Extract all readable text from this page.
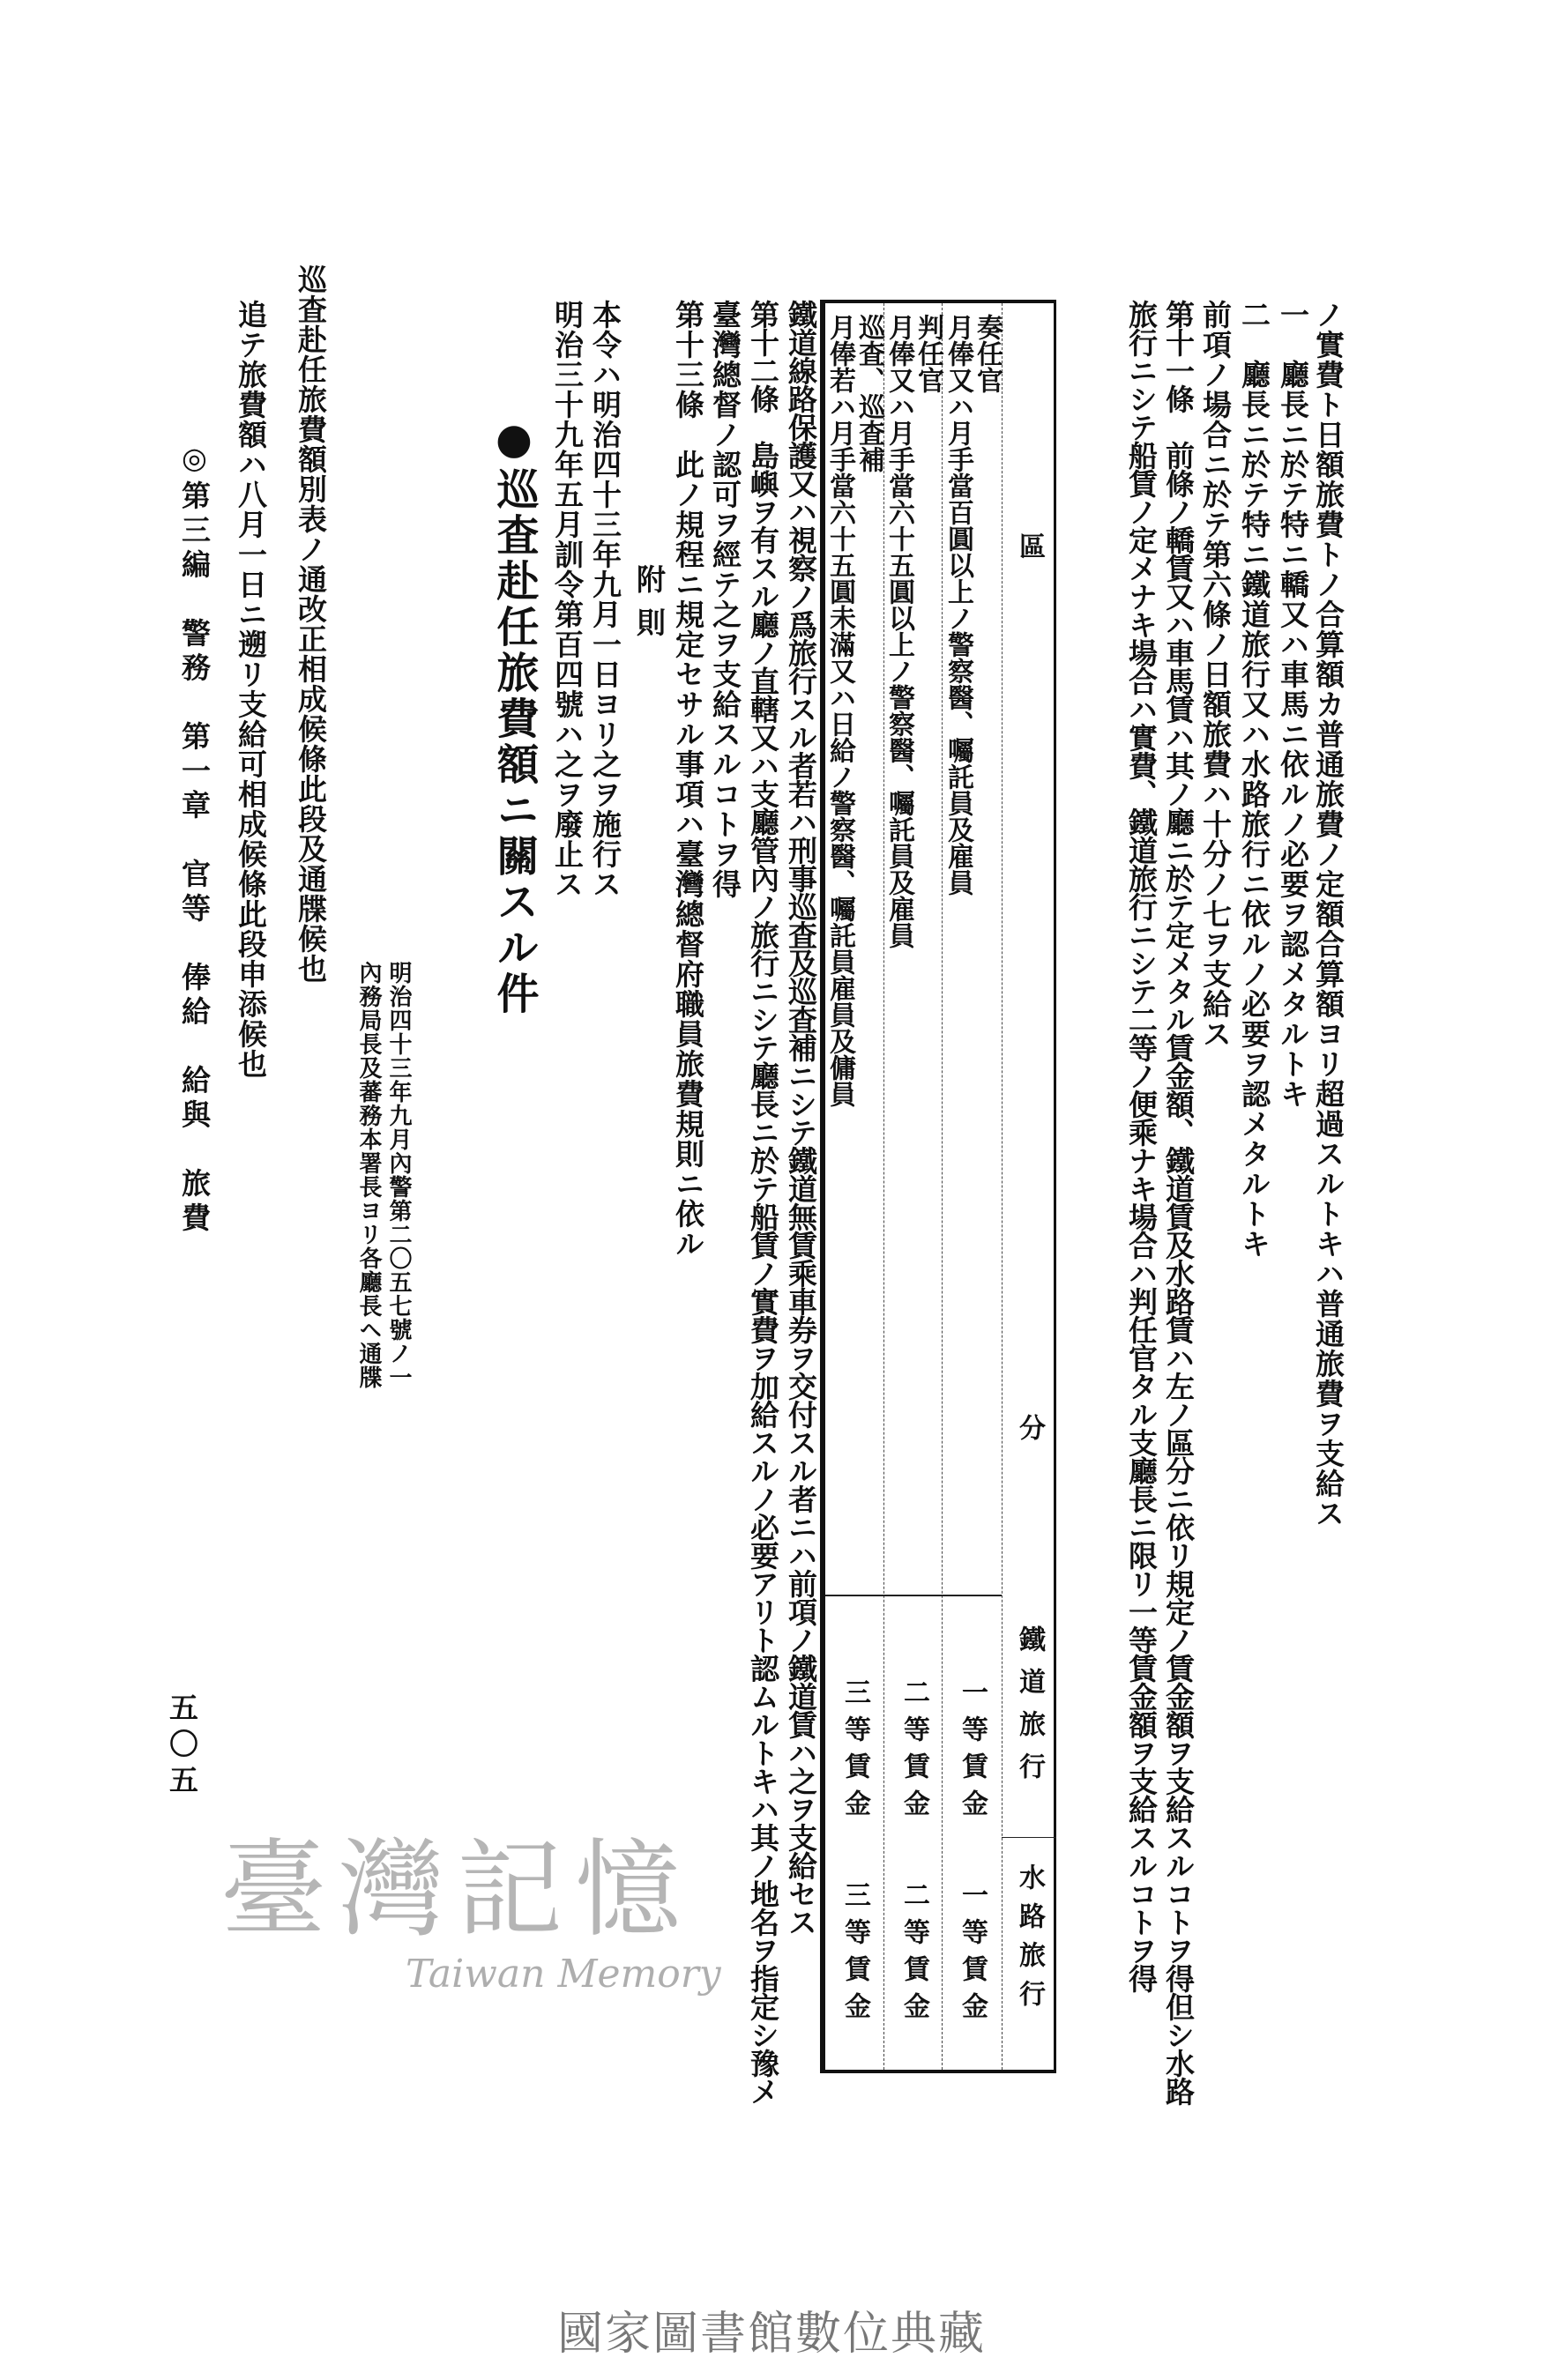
ノ實費ト日額旅費トノ合算額カ普通旅費ノ定額合算額ヨリ超過スルトキハ普通旅費ヲ支給ス
一　廳長ニ於テ特ニ轎又ハ車馬ニ依ルノ必要ヲ認メタルトキ
二　廳長ニ於テ特ニ鐵道旅行又ハ水路旅行ニ依ルノ必要ヲ認メタルトキ
前項ノ場合ニ於テ第六條ノ日額旅費ハ十分ノ七ヲ支給ス
第十一條　前條ノ轎賃又ハ車馬賃ハ其ノ廳ニ於テ定メタル賃金額、鐵道賃及水路賃ハ左ノ區分ニ依リ規定ノ賃金額ヲ支給スルコトヲ得但シ水路
旅行ニシテ船賃ノ定メナキ場合ハ實費、鐵道旅行ニシテ二等ノ便乘ナキ場合ハ判任官タル支廳長ニ限リ一等賃金額ヲ支給スルコトヲ得
區
分
鐵道旅行
水路旅行
奏任官
月俸又ハ月手當百圓以上ノ警察醫、囑託員及雇員
一等賃金
一等賃金
判任官
月俸又ハ月手當六十五圓以上ノ警察醫、囑託員及雇員
二等賃金
二等賃金
巡査、巡査補
月俸若ハ月手當六十五圓未滿又ハ日給ノ警察醫、囑託員雇員及傭員
三等賃金
三等賃金
鐵道線路保護又ハ視察ノ爲旅行スル者若ハ刑事巡査及巡査補ニシテ鐵道無賃乘車券ヲ交付スル者ニハ前項ノ鐵道賃ハ之ヲ支給セス
第十二條　島嶼ヲ有スル廳ノ直轄又ハ支廳管內ノ旅行ニシテ廳長ニ於テ船賃ノ實費ヲ加給スルノ必要アリト認ムルトキハ其ノ地名ヲ指定シ豫メ
臺灣總督ノ認可ヲ經テ之ヲ支給スルコトヲ得
第十三條　此ノ規程ニ規定セサル事項ハ臺灣總督府職員旅費規則ニ依ル
附則
本令ハ明治四十三年九月一日ヨリ之ヲ施行ス
明治三十九年五月訓令第百四號ハ之ヲ廢止ス
●巡査赴任旅費額ニ關スル件
明治四十三年九月內警第二〇五七號ノ一
內務局長及蕃務本署長ヨリ各廳長ヘ通牒
巡査赴任旅費額別表ノ通改正相成候條此段及通牒候也
追テ旅費額ハ八月一日ニ遡リ支給可相成候條此段申添候也
◎第三編　警務　第一章　官等　俸給　給與　旅費
五〇五
臺灣記憶
Taiwan Memory
國家圖書館數位典藏
